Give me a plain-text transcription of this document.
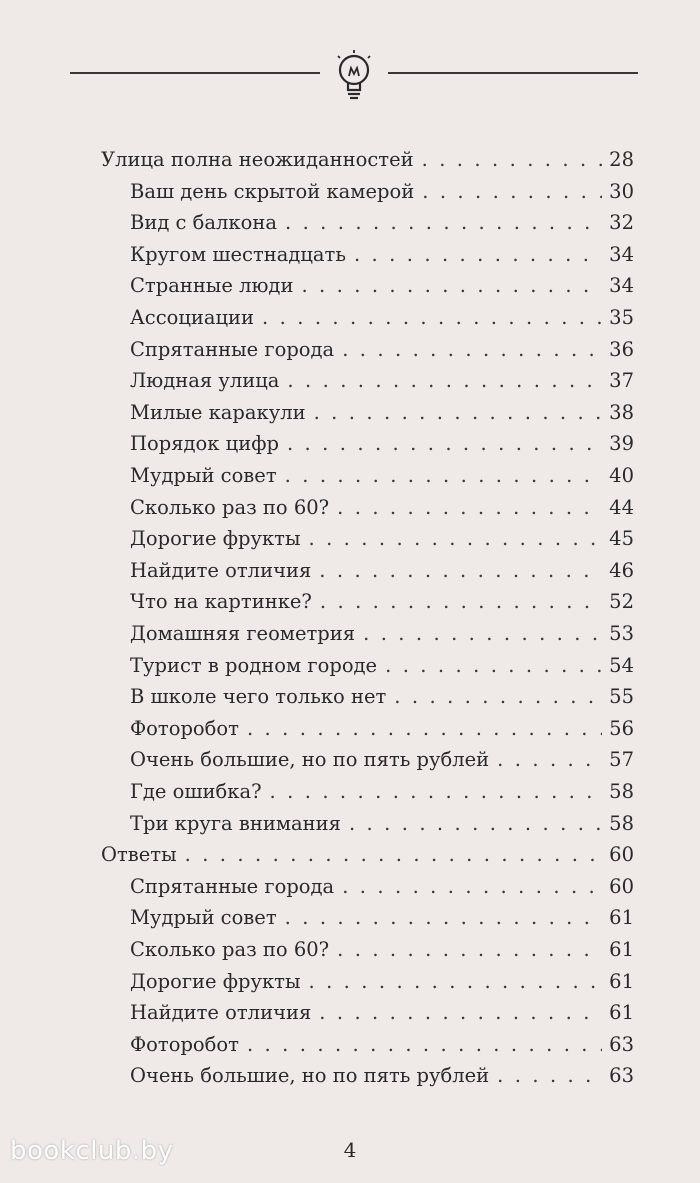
Улица полна неожиданностей . . .	28
Ваш день скрытой камерой . . .	30
Вид с балкона . . .	32
Кругом шестнадцать . . .	34
Странные люди . . .	34
Ассоциации . . .	35
Спрятанные города . . .	36
Людная улица . . .	37
Милые каракули . . .	38
Порядок цифр . . .	39
Мудрый совет . . .	40
Сколько раз по 60? . . .	44
Дорогие фрукты . . .	45
Найдите отличия . . .	46
Что на картинке? . . .	52
Домашняя геометрия . . .	53
Турист в родном городе . . .	54
В школе чего только нет . . .	55
Фоторобот . . .	56
Очень большие, но по пять рублей . . .	57
Где ошибка? . . .	58
Три круга внимания . . .	58
Ответы . . .	60
Спрятанные города . . .	60
Мудрый совет . . .	61
Сколько раз по 60? . . .	61
Дорогие фрукты . . .	61
Найдите отличия . . .	61
Фоторобот . . .	63
Очень большие, но по пять рублей . . .	63
4
bookclub.by
